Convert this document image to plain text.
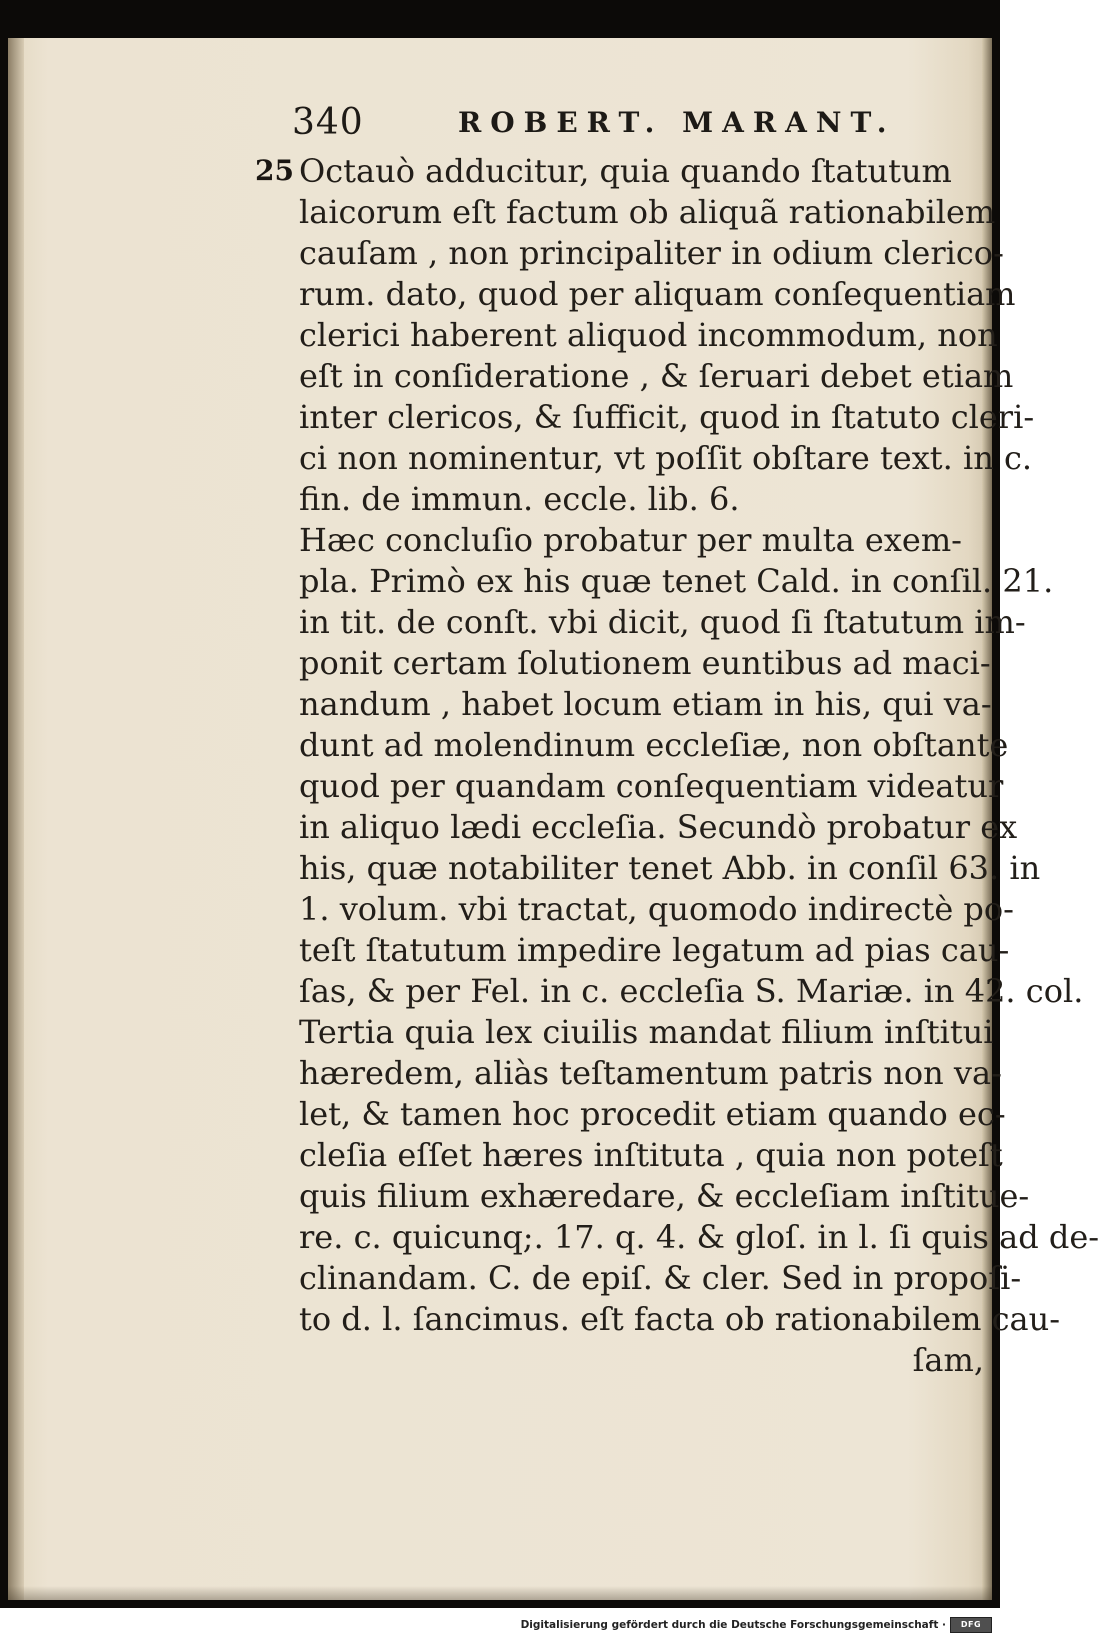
340	ROBERT. MARANT.
25 Octauò adducitur, quia quando ſtatutum
laicorum eſt factum ob aliquã rationabilem
cauſam , non principaliter in odium clerico-
rum. dato, quod per aliquam conſequentiam
clerici haberent aliquod incommodum, non
eſt in conſideratione , & ſeruari debet etiam
inter clericos, & ſufficit, quod in ſtatuto cleri-
ci non nominentur, vt poſſit obſtare text. in c.
fin. de immun. eccle. lib. 6.
Hæc concluſio probatur per multa exem-
pla. Primò ex his quæ tenet Cald. in conſil. 21.
in tit. de conſt. vbi dicit, quod ſi ſtatutum im-
ponit certam ſolutionem euntibus ad maci-
nandum , habet locum etiam in his, qui va-
dunt ad molendinum eccleſiæ, non obſtante
quod per quandam conſequentiam videatur
in aliquo lædi eccleſia. Secundò probatur ex
his, quæ notabiliter tenet Abb. in conſil 63. in
1. volum. vbi tractat, quomodo indirectè po-
teſt ſtatutum impedire legatum ad pias cau-
ſas, & per Fel. in c. eccleſia S. Mariæ. in 42. col.
Tertia quia lex ciuilis mandat filium inſtitui
hæredem, aliàs teſtamentum patris non va-
let, & tamen hoc procedit etiam quando ec-
cleſia eſſet hæres inſtituta , quia non poteſt
quis filium exhæredare, & eccleſiam inſtitue-
re. c. quicunq;. 17. q. 4. & gloſ. in l. ſi quis ad de-
clinandam. C. de epiſ. & cler. Sed in propoſi-
to d. l. ſancimus. eſt facta ob rationabilem cau-
ſam,
Digitalisierung gefördert durch die Deutsche Forschungsgemeinschaft ·	DFG
